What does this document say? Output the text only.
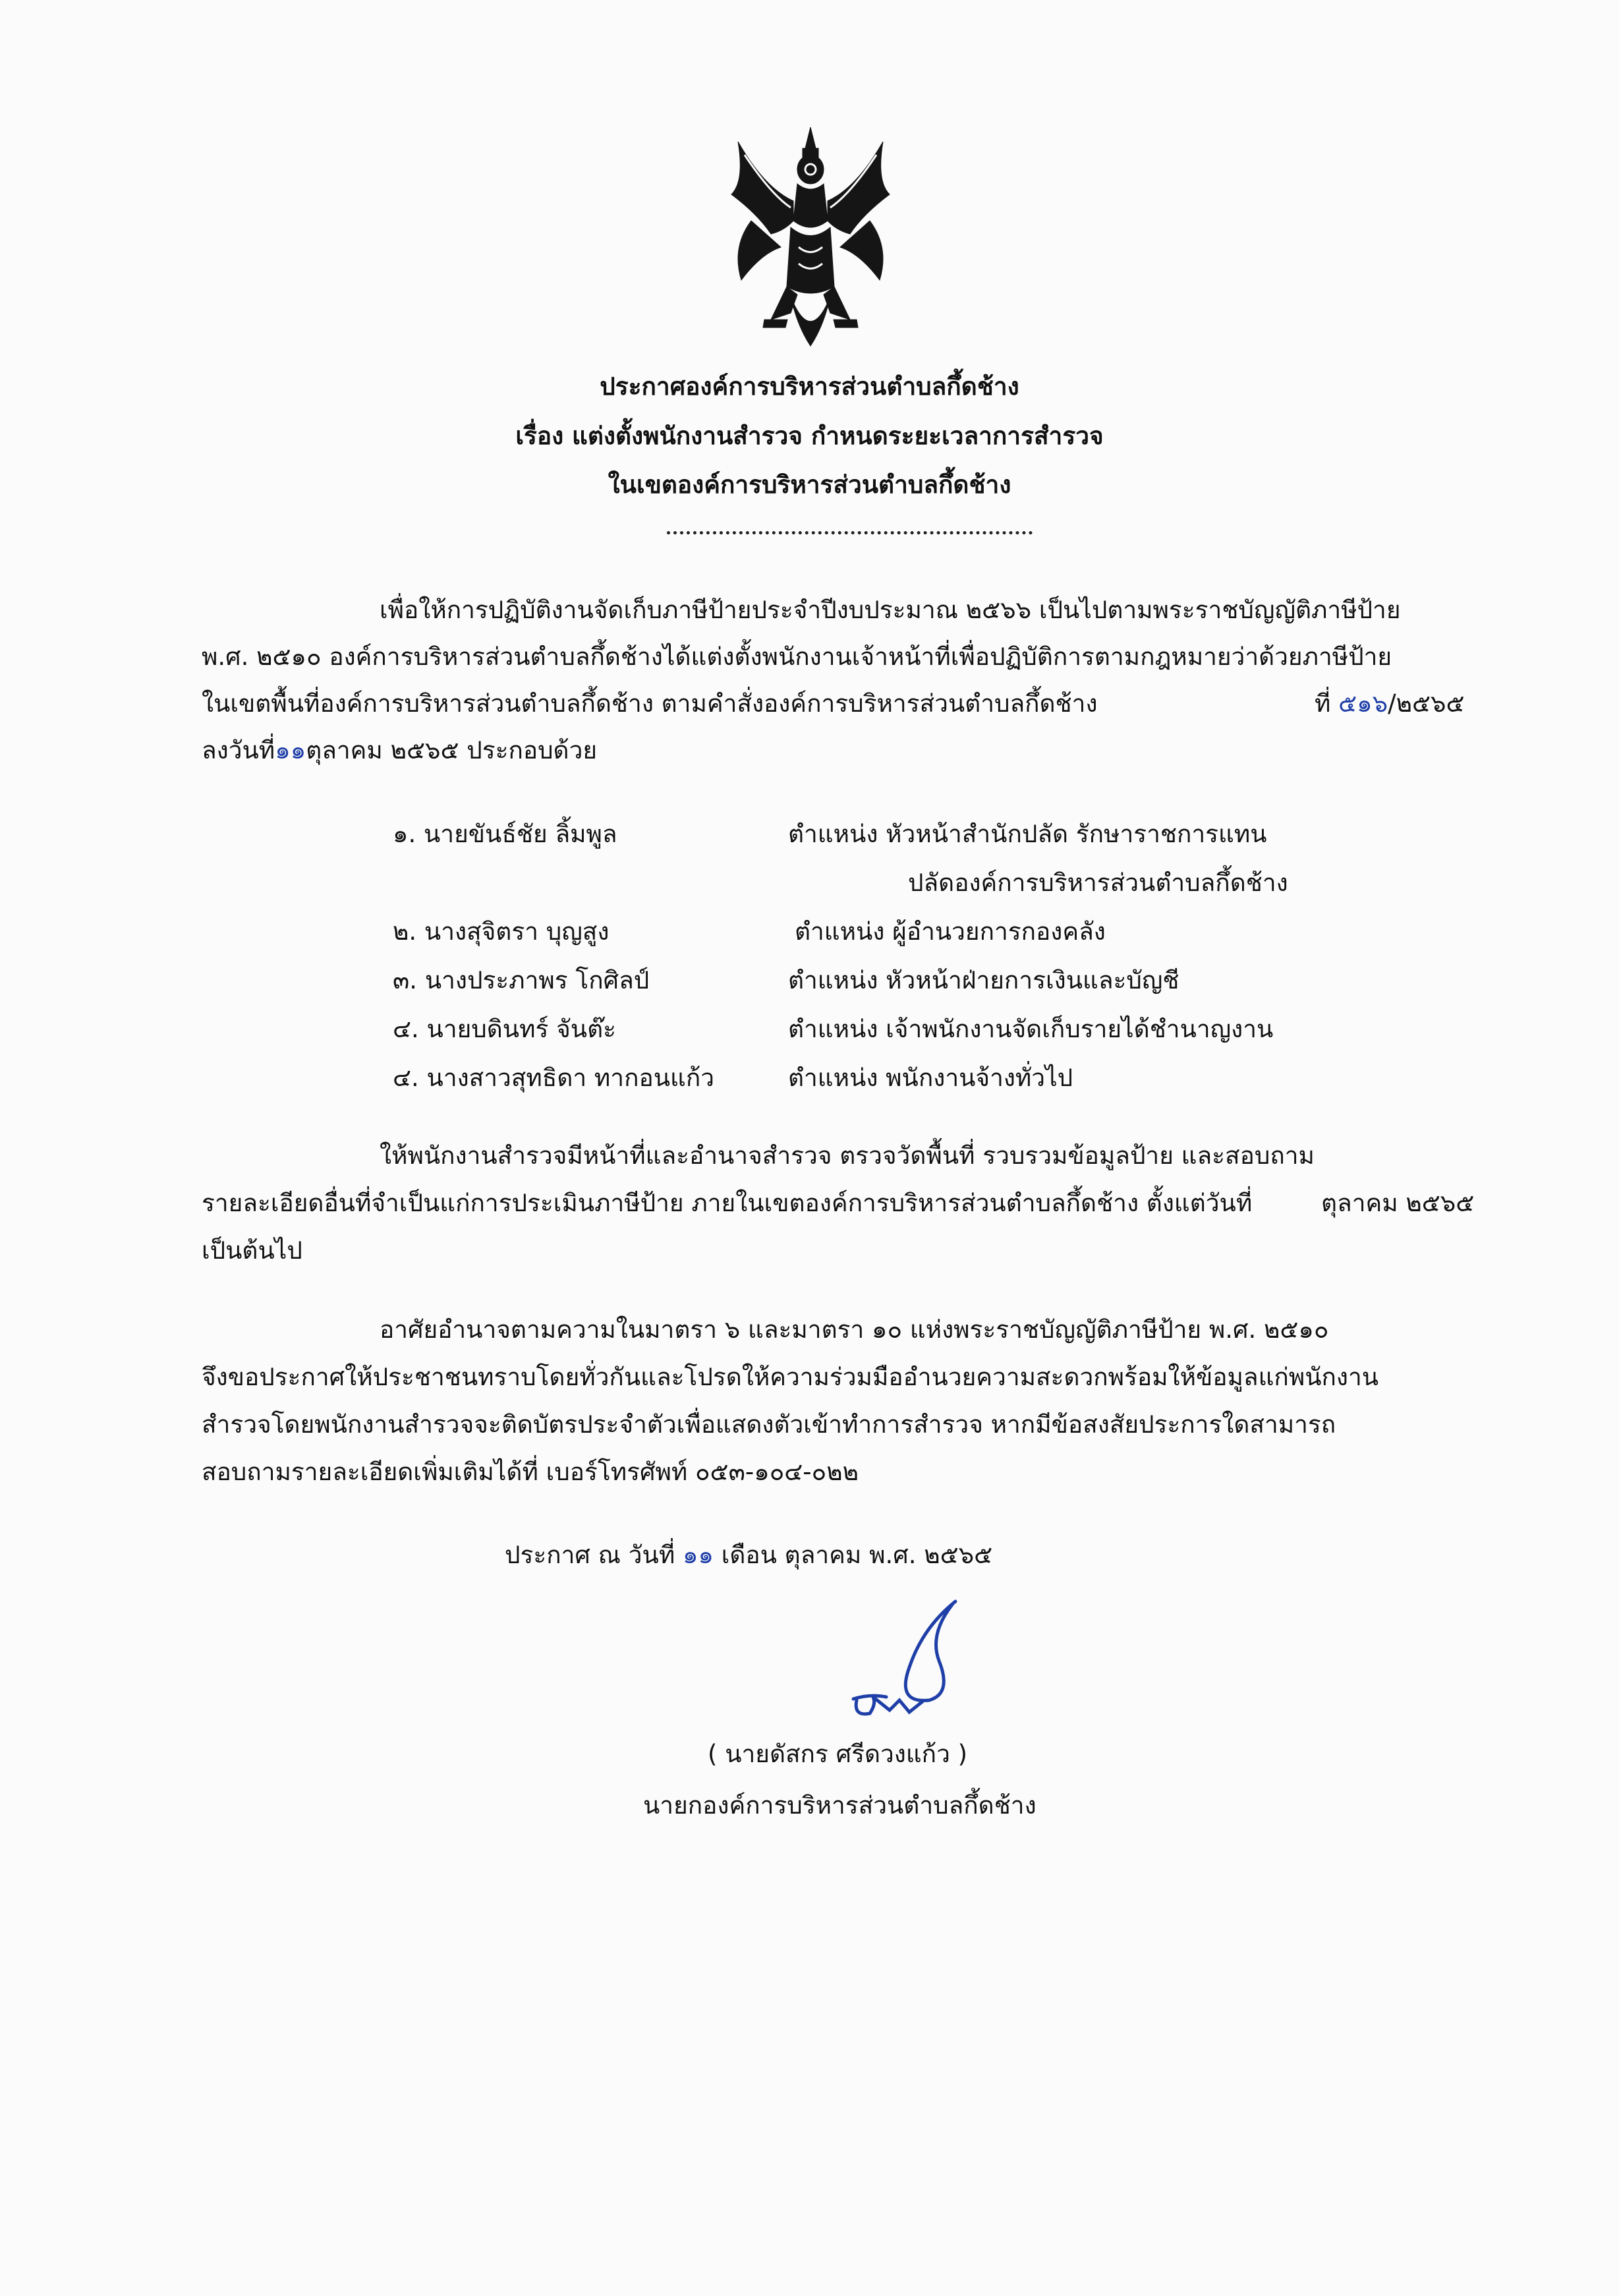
ประกาศองค์การบริหารส่วนตำบลกึ้ดช้าง
เรื่อง แต่งตั้งพนักงานสำรวจ กำหนดระยะเวลาการสำรวจ
ในเขตองค์การบริหารส่วนตำบลกึ้ดช้าง
เพื่อให้การปฏิบัติงานจัดเก็บภาษีป้ายประจำปีงบประมาณ ๒๕๖๖ เป็นไปตามพระราชบัญญัติภาษีป้าย
พ.ศ. ๒๕๑๐ องค์การบริหารส่วนตำบลกึ้ดช้างได้แต่งตั้งพนักงานเจ้าหน้าที่เพื่อปฏิบัติการตามกฎหมายว่าด้วยภาษีป้าย
ในเขตพื้นที่องค์การบริหารส่วนตำบลกึ้ดช้าง ตามคำสั่งองค์การบริหารส่วนตำบลกึ้ดช้าง	ที่ ๕๑๖/๒๕๖๕
ลงวันที่๑๑ตุลาคม ๒๕๖๕ ประกอบด้วย
๑. นายขันธ์ชัย ลิ้มพูล	ตำแหน่ง หัวหน้าสำนักปลัด รักษาราชการแทน
ปลัดองค์การบริหารส่วนตำบลกึ้ดช้าง
๒. นางสุจิตรา บุญสูง	ตำแหน่ง ผู้อำนวยการกองคลัง
๓. นางประภาพร โกศิลป์	ตำแหน่ง หัวหน้าฝ่ายการเงินและบัญชี
๔. นายบดินทร์ จันต๊ะ	ตำแหน่ง เจ้าพนักงานจัดเก็บรายได้ชำนาญงาน
๔. นางสาวสุทธิดา ทากอนแก้ว	ตำแหน่ง พนักงานจ้างทั่วไป
ให้พนักงานสำรวจมีหน้าที่และอำนาจสำรวจ ตรวจวัดพื้นที่ รวบรวมข้อมูลป้าย และสอบถาม
รายละเอียดอื่นที่จำเป็นแก่การประเมินภาษีป้าย ภายในเขตองค์การบริหารส่วนตำบลกึ้ดช้าง ตั้งแต่วันที่	ตุลาคม ๒๕๖๕
เป็นต้นไป
อาศัยอำนาจตามความในมาตรา ๖ และมาตรา ๑๐ แห่งพระราชบัญญัติภาษีป้าย พ.ศ. ๒๕๑๐
จึงขอประกาศให้ประชาชนทราบโดยทั่วกันและโปรดให้ความร่วมมืออำนวยความสะดวกพร้อมให้ข้อมูลแก่พนักงาน
สำรวจโดยพนักงานสำรวจจะติดบัตรประจำตัวเพื่อแสดงตัวเข้าทำการสำรวจ หากมีข้อสงสัยประการใดสามารถ
สอบถามรายละเอียดเพิ่มเติมได้ที่ เบอร์โทรศัพท์ ๐๕๓-๑๐๔-๐๒๒
ประกาศ ณ วันที่ ๑๑ เดือน ตุลาคม พ.ศ. ๒๕๖๕
( นายดัสกร ศรีดวงแก้ว )
นายกองค์การบริหารส่วนตำบลกึ้ดช้าง
